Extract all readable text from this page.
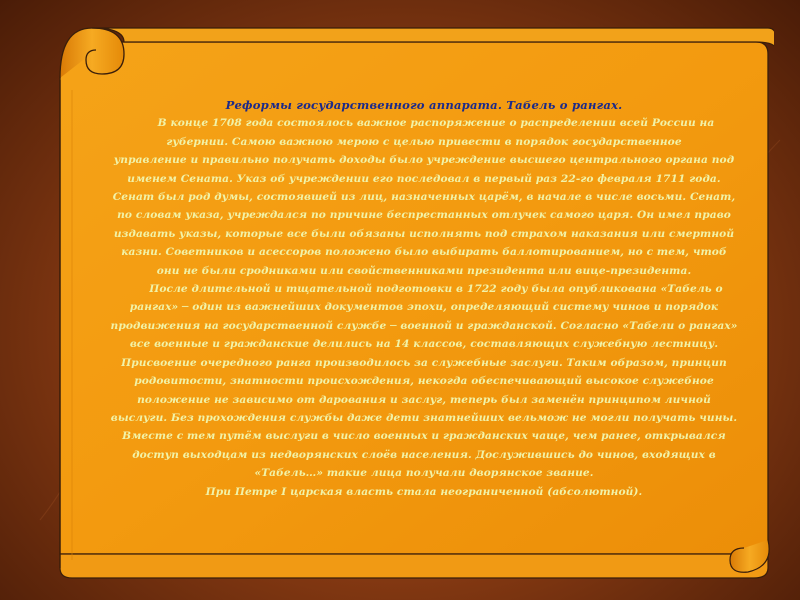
Реформы государственного аппарата. Табель о рангах.
В конце 1708 года состоялось важное распоряжение о распределении всей России на
губернии. Самою важною мерою с целью привести в порядок государственное
управление и правильно получать доходы было учреждение высшего центрального органа под
именем Сената. Указ об учреждении его последовал в первый раз 22-го февраля 1711 года.
Сенат был род думы, состоявшей из лиц, назначенных царём, в начале в числе восьми. Сенат,
по словам указа, учреждался по причине беспрестанных отлучек самого царя. Он имел право
издавать указы, которые все были обязаны исполнять под страхом наказания или смертной
казни. Советников и асессоров положено было выбирать баллотированием, но с тем, чтоб
они не были сродниками или свойственниками президента или вице-президента.
После длительной и тщательной подготовки в 1722 году была опубликована «Табель о
рангах» ─ один из важнейших документов эпохи, определяющий систему чинов и порядок
продвижения на государственной службе ─ военной и гражданской. Согласно «Табели о рангах»
все военные и гражданские делились на 14 классов, составляющих служебную лестницу.
Присвоение очередного ранга производилось за служебные заслуги. Таким образом, принцип
родовитости, знатности происхождения, некогда обеспечивающий высокое служебное
положение не зависимо от дарования и заслуг, теперь был заменён принципом личной
выслуги. Без прохождения службы даже дети знатнейших вельмож не могли получать чины.
Вместе с тем путём выслуги в число военных и гражданских чаще, чем ранее, открывался
доступ выходцам из недворянских слоёв населения. Дослужившись до чинов, входящих в
«Табель…» такие лица получали дворянское звание.
При Петре I царская власть стала неограниченной (абсолютной).
